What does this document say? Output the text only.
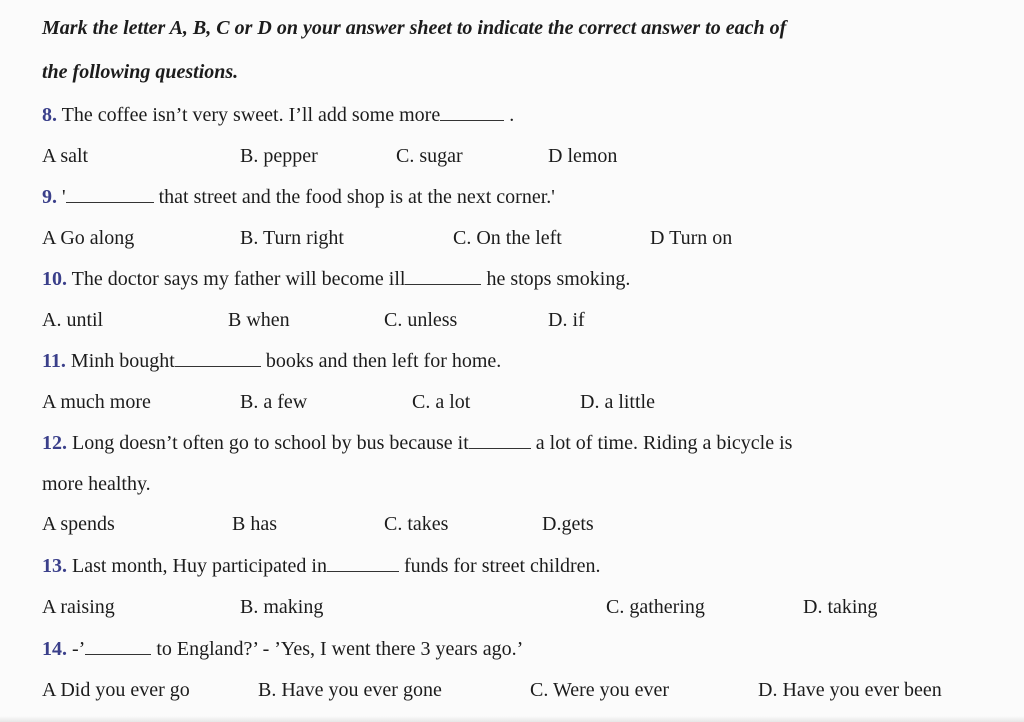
Mark the letter A, B, C or D on your answer sheet to indicate the correct answer to each of
the following questions.
8. The coffee isn’t very sweet. I’ll add some more	.
A salt	B. pepper	C. sugar	D lemon
9. '	that street and the food shop is at the next corner.'
A Go along	B. Turn right	C. On the left	D Turn on
10. The doctor says my father will become ill	he stops smoking.
A. until	B when	C. unless	D. if
11. Minh bought	books and then left for home.
A much more	B. a few	C. a lot	D. a little
12. Long doesn’t often go to school by bus because it	a lot of time. Riding a bicycle is
more healthy.
A spends	B has	C. takes	D.gets
13. Last month, Huy participated in	funds for street children.
A raising	B. making	C. gathering	D. taking
14. -’	to England?’ - ’Yes, I went there 3 years ago.’
A Did you ever go	B. Have you ever gone	C. Were you ever	D. Have you ever been
